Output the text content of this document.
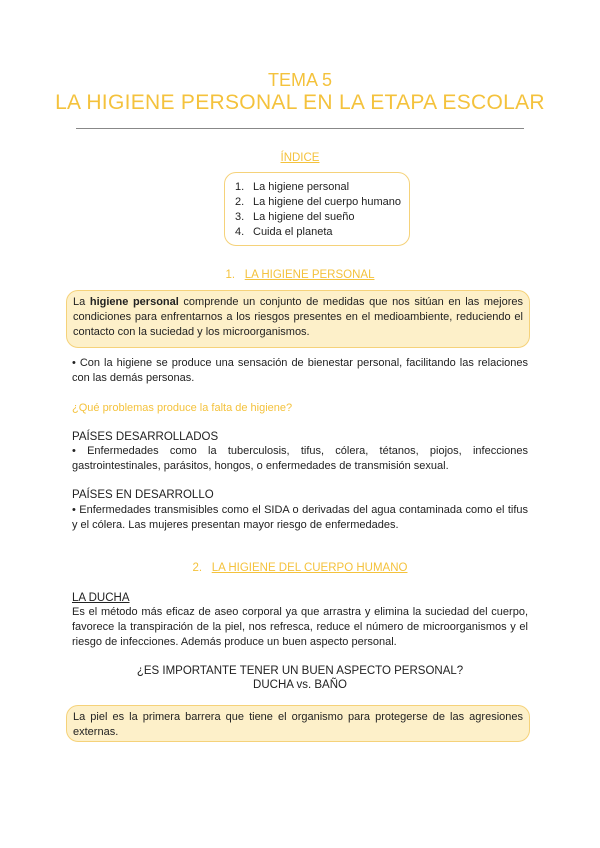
TEMA 5
LA HIGIENE PERSONAL EN LA ETAPA ESCOLAR
ÍNDICE
1. La higiene personal
2. La higiene del cuerpo humano
3. La higiene del sueño
4. Cuida el planeta
1. LA HIGIENE PERSONAL

La higiene personal comprende un conjunto de medidas que nos sitúan en las mejores condiciones para enfrentarnos a los riesgos presentes en el medioambiente, reduciendo el contacto con la suciedad y los microorganismos.

• Con la higiene se produce una sensación de bienestar personal, facilitando las relaciones con las demás personas.

¿Qué problemas produce la falta de higiene?

PAÍSES DESARROLLADOS

• Enfermedades como la tuberculosis, tifus, cólera, tétanos, piojos, infecciones gastrointestinales, parásitos, hongos, o enfermedades de transmisión sexual.

PAÍSES EN DESARROLLO

• Enfermedades transmisibles como el SIDA o derivadas del agua contaminada como el tifus y el cólera. Las mujeres presentan mayor riesgo de enfermedades.

2. LA HIGIENE DEL CUERPO HUMANO

LA DUCHA

Es el método más eficaz de aseo corporal ya que arrastra y elimina la suciedad del cuerpo, favorece la transpiración de la piel, nos refresca, reduce el número de microorganismos y el riesgo de infecciones. Además produce un buen aspecto personal.

¿ES IMPORTANTE TENER UN BUEN ASPECTO PERSONAL?
DUCHA vs. BAÑO

La piel es la primera barrera que tiene el organismo para protegerse de las agresiones externas.
